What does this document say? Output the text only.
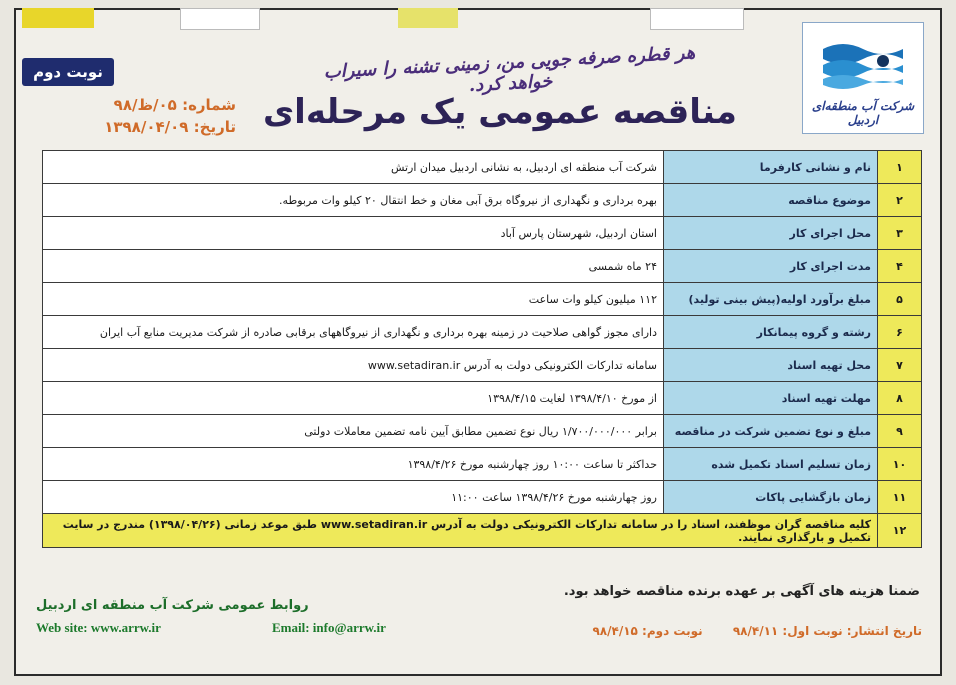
نوبت دوم
شرکت آب منطقه‌ای اردبیل
هر قطره صرفه جویی من، زمینی تشنه را سیراب خواهد کرد.
مناقصه عمومی یک مرحله‌ای
شماره: ۰۵/ظ/۹۸
تاریخ: ۱۳۹۸/۰۴/۰۹
۱	نام و نشانی کارفرما	شرکت آب منطقه ای اردبیل، به نشانی اردبیل میدان ارتش
۲	موضوع مناقصه	بهره برداری و نگهداری از نیروگاه برق آبی مغان و خط انتقال ۲۰ کیلو وات مربوطه.
۳	محل اجرای کار	استان اردبیل، شهرستان پارس آباد
۴	مدت اجرای کار	۲۴ ماه شمسی
۵	مبلغ برآورد اولیه(پیش بینی تولید)	۱۱۲ میلیون کیلو وات ساعت
۶	رشته و گروه پیمانکار	دارای مجوز گواهی صلاحیت در زمینه بهره برداری و نگهداری از نیروگاههای برقابی صادره از شرکت مدیریت منابع آب ایران
۷	محل تهیه اسناد	سامانه تدارکات الکترونیکی دولت به آدرس www.setadiran.ir
۸	مهلت تهیه اسناد	از مورخ ۱۳۹۸/۴/۱۰ لغایت ۱۳۹۸/۴/۱۵
۹	مبلغ و نوع تضمین شرکت در مناقصه	برابر ۱/۷۰۰/۰۰۰/۰۰۰ ریال نوع تضمین مطابق آیین نامه تضمین معاملات دولتی
۱۰	زمان تسلیم اسناد تکمیل شده	حداکثر تا ساعت ۱۰:۰۰ روز چهارشنبه مورخ ۱۳۹۸/۴/۲۶
۱۱	زمان بازگشایی پاکات	روز چهارشنبه مورخ ۱۳۹۸/۴/۲۶ ساعت ۱۱:۰۰
۱۲	کلیه مناقصه گران موظفند، اسناد را در سامانه تدارکات الکترونیکی دولت به آدرس www.setadiran.ir طبق موعد زمانی (۱۳۹۸/۰۴/۲۶) مندرج در سایت تکمیل و بارگذاری نمایند.	
ضمنا هزینه های آگهی بر عهده برنده مناقصه خواهد بود.
روابط عمومی شرکت آب منطقه ای اردبیل
Web site: www.arrw.ir	Email: info@arrw.ir	تاریخ انتشار: نوبت اول: ۹۸/۴/۱۱ نوبت دوم: ۹۸/۴/۱۵
